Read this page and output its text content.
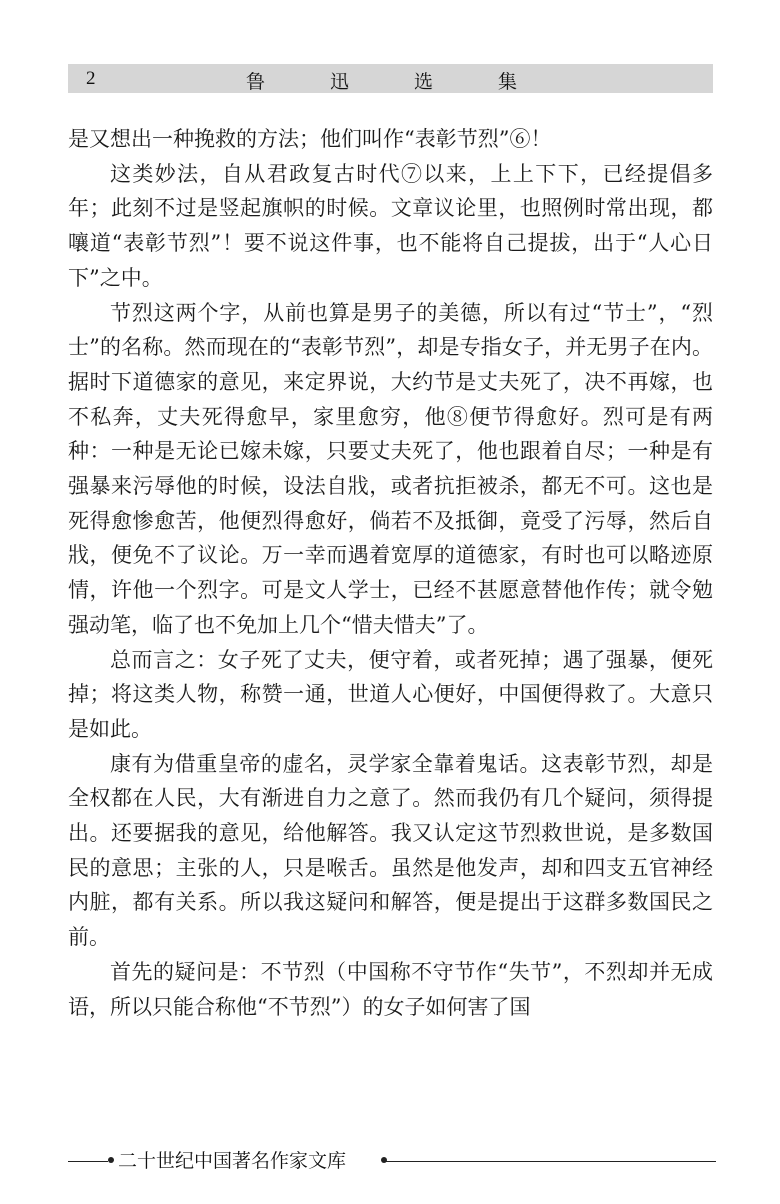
2	鲁	迅	选	集

是又想出一种挽救的方法；他们叫作“表彰节烈”⑥！

这类妙法，自从君政复古时代⑦以来，上上下下，已经提倡多年；此刻不过是竖起旗帜的时候。文章议论里，也照例时常出现，都嚷道“表彰节烈”！要不说这件事，也不能将自己提拔，出于“人心日下”之中。

节烈这两个字，从前也算是男子的美德，所以有过“节士”，“烈士”的名称。然而现在的“表彰节烈”，却是专指女子，并无男子在内。据时下道德家的意见，来定界说，大约节是丈夫死了，决不再嫁，也不私奔，丈夫死得愈早，家里愈穷，他⑧便节得愈好。烈可是有两种：一种是无论已嫁未嫁，只要丈夫死了，他也跟着自尽；一种是有强暴来污辱他的时候，设法自戕，或者抗拒被杀，都无不可。这也是死得愈惨愈苦，他便烈得愈好，倘若不及抵御，竟受了污辱，然后自戕，便免不了议论。万一幸而遇着宽厚的道德家，有时也可以略迹原情，许他一个烈字。可是文人学士，已经不甚愿意替他作传；就令勉强动笔，临了也不免加上几个“惜夫惜夫”了。

总而言之：女子死了丈夫，便守着，或者死掉；遇了强暴，便死掉；将这类人物，称赞一通，世道人心便好，中国便得救了。大意只是如此。

康有为借重皇帝的虚名，灵学家全靠着鬼话。这表彰节烈，却是全权都在人民，大有渐进自力之意了。然而我仍有几个疑问，须得提出。还要据我的意见，给他解答。我又认定这节烈救世说，是多数国民的意思；主张的人，只是喉舌。虽然是他发声，却和四支五官神经内脏，都有关系。所以我这疑问和解答，便是提出于这群多数国民之前。

首先的疑问是：不节烈（中国称不守节作“失节”，不烈却并无成语，所以只能合称他“不节烈”）的女子如何害了国

二十世纪中国著名作家文库
